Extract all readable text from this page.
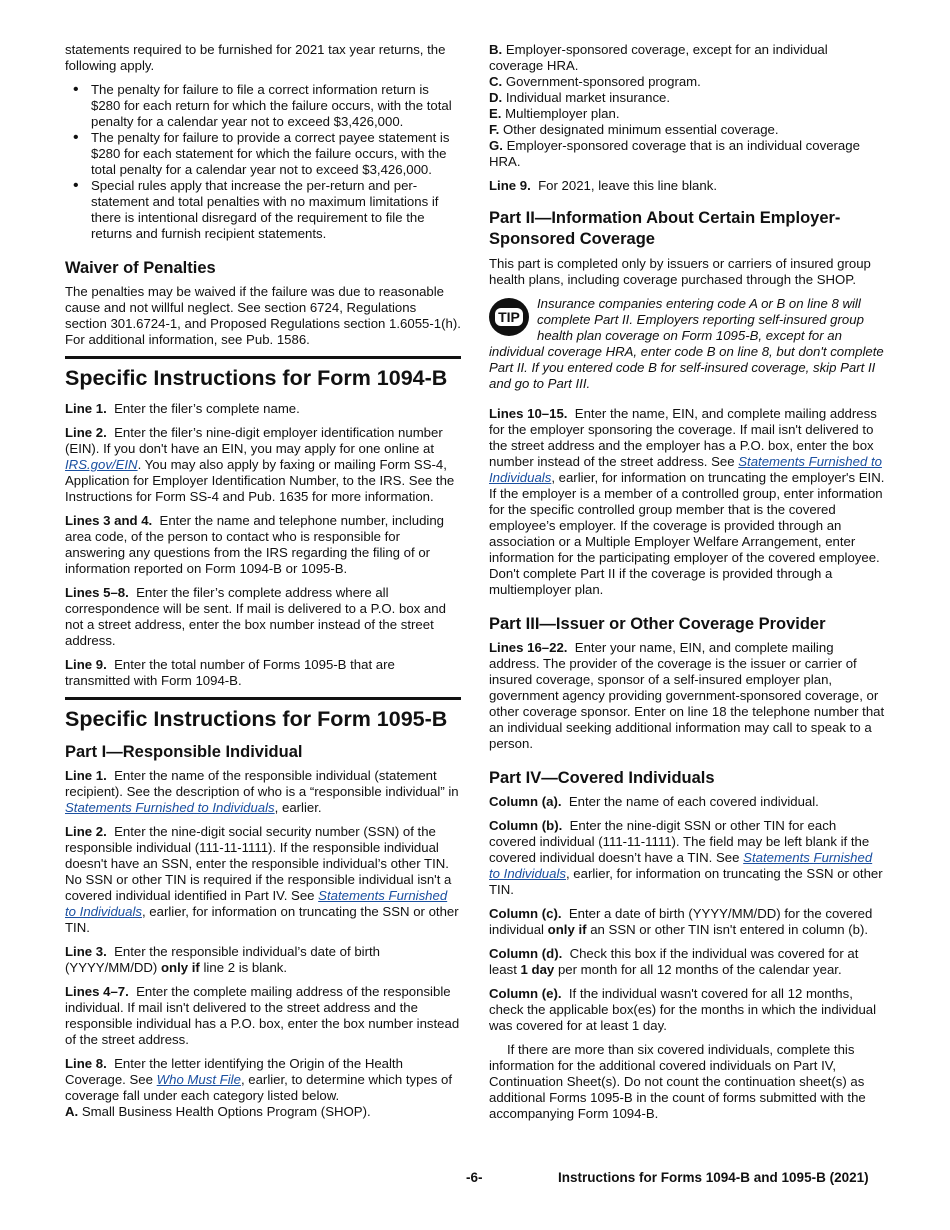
statements required to be furnished for 2021 tax year returns, the following apply.

• The penalty for failure to file a correct information return is $280 for each return for which the failure occurs, with the total penalty for a calendar year not to exceed $3,426,000.
• The penalty for failure to provide a correct payee statement is $280 for each statement for which the failure occurs, with the total penalty for a calendar year not to exceed $3,426,000.
• Special rules apply that increase the per-return and per-statement and total penalties with no maximum limitations if there is intentional disregard of the requirement to file the returns and furnish recipient statements.
Waiver of Penalties

The penalties may be waived if the failure was due to reasonable cause and not willful neglect. See section 6724, Regulations section 301.6724-1, and Proposed Regulations section 1.6055-1(h). For additional information, see Pub. 1586.

Specific Instructions for Form 1094-B

Line 1. Enter the filer’s complete name.

Line 2. Enter the filer’s nine-digit employer identification number (EIN). If you don't have an EIN, you may apply for one online at IRS.gov/EIN. You may also apply by faxing or mailing Form SS-4, Application for Employer Identification Number, to the IRS. See the Instructions for Form SS-4 and Pub. 1635 for more information.

Lines 3 and 4. Enter the name and telephone number, including area code, of the person to contact who is responsible for answering any questions from the IRS regarding the filing of or information reported on Form 1094-B or 1095-B.

Lines 5–8. Enter the filer’s complete address where all correspondence will be sent. If mail is delivered to a P.O. box and not a street address, enter the box number instead of the street address.

Line 9. Enter the total number of Forms 1095-B that are transmitted with Form 1094-B.

Specific Instructions for Form 1095-B
Part I—Responsible Individual

Line 1. Enter the name of the responsible individual (statement recipient). See the description of who is a “responsible individual” in Statements Furnished to Individuals, earlier.

Line 2. Enter the nine-digit social security number (SSN) of the responsible individual (111-11-1111). If the responsible individual doesn't have an SSN, enter the responsible individual’s other TIN. No SSN or other TIN is required if the responsible individual isn't a covered individual identified in Part IV. See Statements Furnished to Individuals, earlier, for information on truncating the SSN or other TIN.

Line 3. Enter the responsible individual’s date of birth (YYYY/MM/DD) only if line 2 is blank.

Lines 4–7. Enter the complete mailing address of the responsible individual. If mail isn't delivered to the street address and the responsible individual has a P.O. box, enter the box number instead of the street address.

Line 8. Enter the letter identifying the Origin of the Health Coverage. See Who Must File, earlier, to determine which types of coverage fall under each category listed below.

A. Small Business Health Options Program (SHOP).

B. Employer-sponsored coverage, except for an individual coverage HRA.
C. Government-sponsored program.
D. Individual market insurance.
E. Multiemployer plan.
F. Other designated minimum essential coverage.
G. Employer-sponsored coverage that is an individual coverage HRA.

Line 9. For 2021, leave this line blank.

Part II—Information About Certain Employer-Sponsored Coverage

This part is completed only by issuers or carriers of insured group health plans, including coverage purchased through the SHOP.

TIP
Insurance companies entering code A or B on line 8 will complete Part II. Employers reporting self-insured group health plan coverage on Form 1095-B, except for an individual coverage HRA, enter code B on line 8, but don't complete Part II. If you entered code B for self-insured coverage, skip Part II and go to Part III.

Lines 10–15. Enter the name, EIN, and complete mailing address for the employer sponsoring the coverage. If mail isn't delivered to the street address and the employer has a P.O. box, enter the box number instead of the street address. See Statements Furnished to Individuals, earlier, for information on truncating the employer's EIN. If the employer is a member of a controlled group, enter information for the specific controlled group member that is the covered employee’s employer. If the coverage is provided through an association or a Multiple Employer Welfare Arrangement, enter information for the participating employer of the covered employee. Don't complete Part II if the coverage is provided through a multiemployer plan.

Part III—Issuer or Other Coverage Provider

Lines 16–22. Enter your name, EIN, and complete mailing address. The provider of the coverage is the issuer or carrier of insured coverage, sponsor of a self-insured employer plan, government agency providing government-sponsored coverage, or other coverage sponsor. Enter on line 18 the telephone number that an individual seeking additional information may call to speak to a person.

Part IV—Covered Individuals

Column (a). Enter the name of each covered individual.

Column (b). Enter the nine-digit SSN or other TIN for each covered individual (111-11-1111). The field may be left blank if the covered individual doesn’t have a TIN. See Statements Furnished to Individuals, earlier, for information on truncating the SSN or other TIN.

Column (c). Enter a date of birth (YYYY/MM/DD) for the covered individual only if an SSN or other TIN isn't entered in column (b).

Column (d). Check this box if the individual was covered for at least 1 day per month for all 12 months of the calendar year.

Column (e). If the individual wasn't covered for all 12 months, check the applicable box(es) for the months in which the individual was covered for at least 1 day.

If there are more than six covered individuals, complete this information for the additional covered individuals on Part IV, Continuation Sheet(s). Do not count the continuation sheet(s) as additional Forms 1095-B in the count of forms submitted with the accompanying Form 1094-B.

-6-	Instructions for Forms 1094-B and 1095-B (2021)
